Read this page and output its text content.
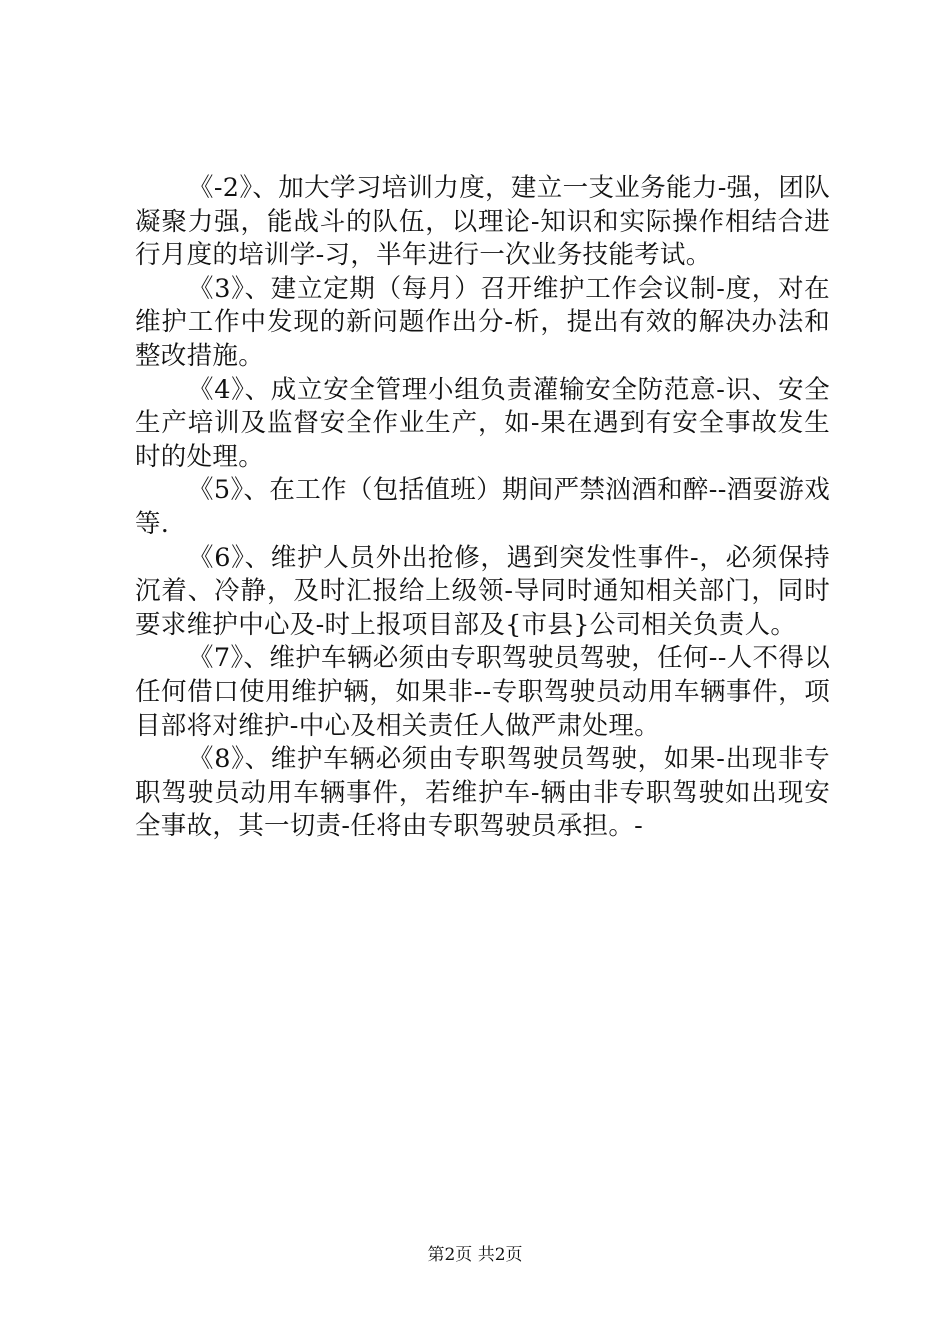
《-2》、加大学习培训力度，建立一支业务能力-强，团队凝聚力强，能战斗的队伍，以理论-知识和实际操作相结合进行月度的培训学-习，半年进行一次业务技能考试。

《3》、建立定期（每月）召开维护工作会议制-度，对在维护工作中发现的新问题作出分-析，提出有效的解决办法和整改措施。

《4》、成立安全管理小组负责灌输安全防范意-识、安全生产培训及监督安全作业生产，如-果在遇到有安全事故发生时的处理。

《5》、在工作（包括值班）期间严禁汹酒和醉--酒耍游戏等.

《6》、维护人员外出抢修，遇到突发性事件-，必须保持沉着、冷静，及时汇报给上级领-导同时通知相关部门，同时要求维护中心及-时上报项目部及{市县}公司相关负责人。

《7》、维护车辆必须由专职驾驶员驾驶，任何--人不得以任何借口使用维护辆，如果非--专职驾驶员动用车辆事件，项目部将对维护-中心及相关责任人做严肃处理。

《8》、维护车辆必须由专职驾驶员驾驶，如果-出现非专职驾驶员动用车辆事件，若维护车-辆由非专职驾驶如出现安全事故，其一切责-任将由专职驾驶员承担。-

第2页 共2页
